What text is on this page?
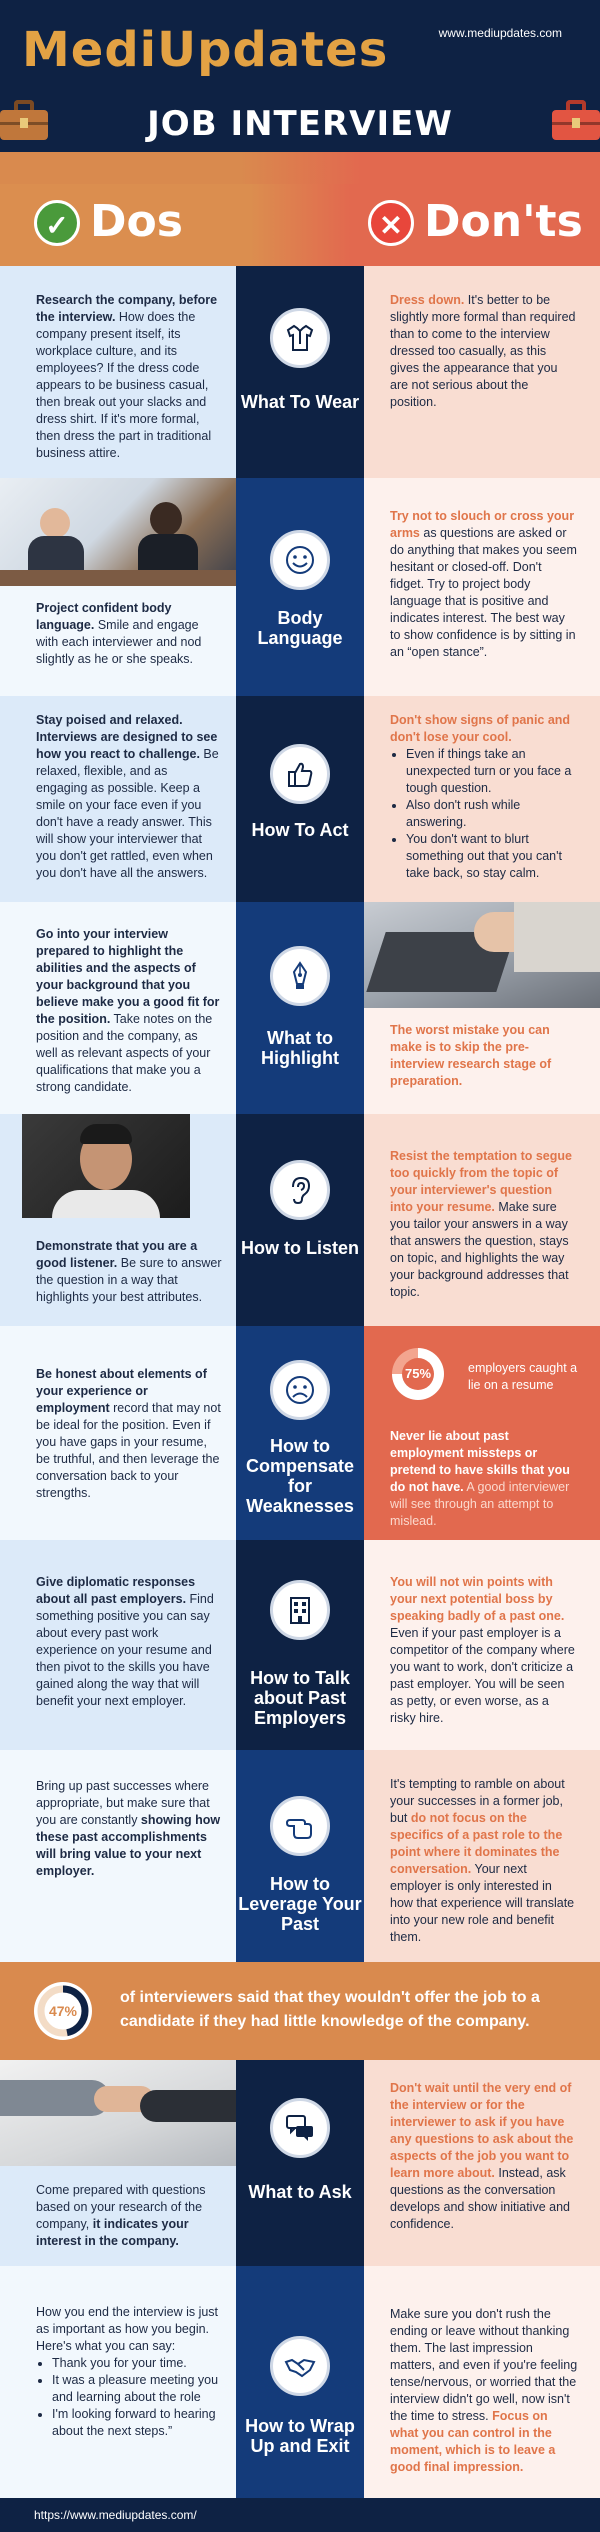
MediUpdates	www.mediupdates.com
JOB INTERVIEW
✓ Dos	✕ Don'ts
Research the company, before the interview. How does the company present itself, its workplace culture, and its employees? If the dress code appears to be business casual, then break out your slacks and dress shirt. If it's more formal, then dress the part in traditional business attire.
What To Wear
Dress down. It's better to be slightly more formal than required than to come to the interview dressed too casually, as this gives the appearance that you are not serious about the position.
Project confident body language. Smile and engage with each interviewer and nod slightly as he or she speaks.
Body Language
Try not to slouch or cross your arms as questions are asked or do anything that makes you seem hesitant or closed-off. Don't fidget. Try to project body language that is positive and indicates interest. The best way to show confidence is by sitting in an “open stance”.
Stay poised and relaxed. Interviews are designed to see how you react to challenge. Be relaxed, flexible, and as engaging as possible. Keep a smile on your face even if you don't have a ready answer. This will show your interviewer that you don't get rattled, even when you don't have all the answers.
How To Act
Don't show signs of panic and don't lose your cool.
• Even if things take an unexpected turn or you face a tough question.
• Also don't rush while answering.
• You don't want to blurt something out that you can't take back, so stay calm.
Go into your interview prepared to highlight the abilities and the aspects of your background that you believe make you a good fit for the position. Take notes on the position and the company, as well as relevant aspects of your qualifications that make you a strong candidate.
What to Highlight
The worst mistake you can make is to skip the pre-interview research stage of preparation.
Demonstrate that you are a good listener. Be sure to answer the question in a way that highlights your best attributes.
How to Listen
Resist the temptation to segue too quickly from the topic of your interviewer's question into your resume. Make sure you tailor your answers in a way that answers the question, stays on topic, and highlights the way your background addresses that topic.
Be honest about elements of your experience or employment record that may not be ideal for the position. Even if you have gaps in your resume, be truthful, and then leverage the conversation back to your strengths.
How to Compensate for Weaknesses
75%	employers caught a lie on a resume
Never lie about past employment missteps or pretend to have skills that you do not have. A good interviewer will see through an attempt to mislead.
Give diplomatic responses about all past employers. Find something positive you can say about every past work experience on your resume and then pivot to the skills you have gained along the way that will benefit your next employer.
How to Talk about Past Employers
You will not win points with your next potential boss by speaking badly of a past one. Even if your past employer is a competitor of the company where you want to work, don't criticize a past employer. You will be seen as petty, or even worse, as a risky hire.
Bring up past successes where appropriate, but make sure that you are constantly showing how these past accomplishments will bring value to your next employer.
How to Leverage Your Past
It's tempting to ramble on about your successes in a former job, but do not focus on the specifics of a past role to the point where it dominates the conversation. Your next employer is only interested in how that experience will translate into your new role and benefit them.
47%
of interviewers said that they wouldn't offer the job to a candidate if they had little knowledge of the company.
Come prepared with questions based on your research of the company, it indicates your interest in the company.
What to Ask
Don't wait until the very end of the interview or for the interviewer to ask if you have any questions to ask about the aspects of the job you want to learn more about. Instead, ask questions as the conversation develops and show initiative and confidence.
How you end the interview is just as important as how you begin. Here's what you can say:
• Thank you for your time.
• It was a pleasure meeting you and learning about the role
• I'm looking forward to hearing about the next steps.”	How to Wrap Up and Exit
Make sure you don't rush the ending or leave without thanking them. The last impression matters, and even if you're feeling tense/nervous, or worried that the interview didn't go well, now isn't the time to stress. Focus on what you can control in the moment, which is to leave a good final impression.
https://www.mediupdates.com/
